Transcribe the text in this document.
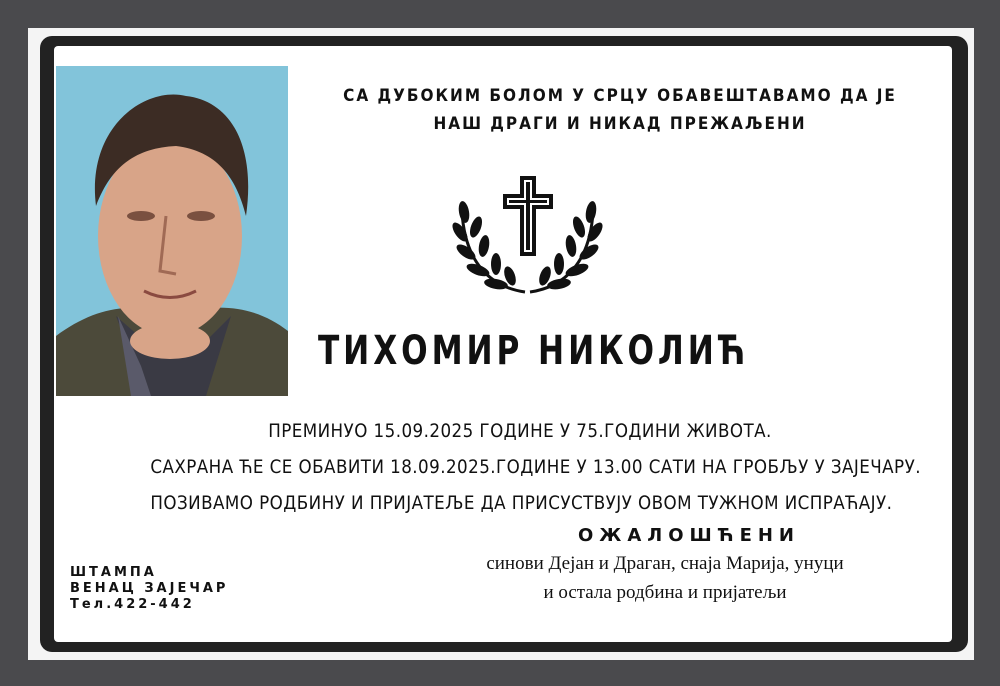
СА ДУБОКИМ БОЛОМ У СРЦУ ОБАВЕШТАВАМО ДА ЈЕ
НАШ ДРАГИ И НИКАД ПРЕЖАЉЕНИ
ТИХОМИР НИКОЛИЋ
ПРЕМИНУО 15.09.2025 ГОДИНЕ У 75.ГОДИНИ ЖИВОТА.
САХРАНА ЋЕ СЕ ОБАВИТИ 18.09.2025.ГОДИНЕ У 13.00 САТИ НА ГРОБЉУ У ЗАЈЕЧАРУ.
ПОЗИВАМО РОДБИНУ И ПРИЈАТЕЉЕ ДА ПРИСУСТВУЈУ ОВОМ ТУЖНОМ ИСПРАЋАЈУ.
ОЖАЛОШЋЕНИ
синови Дејан и Драган, снаја Марија, унуци
и остала родбина и пријатељи
ШТАМПА
ВЕНАЦ ЗАЈЕЧАР
Тел.422-442
